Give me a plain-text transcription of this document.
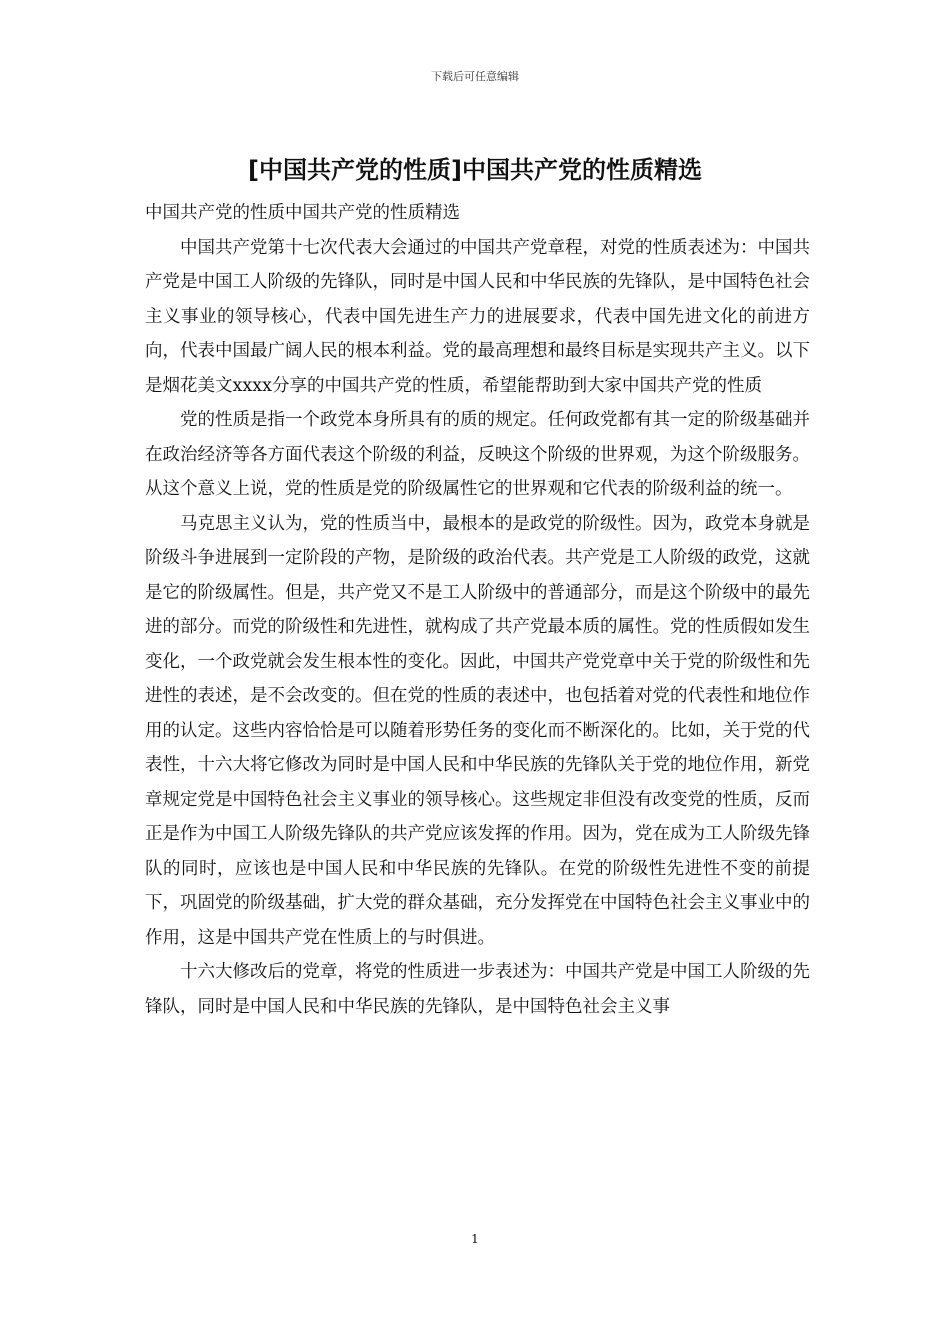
下载后可任意编辑
[中国共产党的性质]中国共产党的性质精选

中国共产党的性质中国共产党的性质精选

中国共产党第十七次代表大会通过的中国共产党章程，对党的性质表述为：中国共产党是中国工人阶级的先锋队，同时是中国人民和中华民族的先锋队，是中国特色社会主义事业的领导核心，代表中国先进生产力的进展要求，代表中国先进文化的前进方向，代表中国最广阔人民的根本利益。党的最高理想和最终目标是实现共产主义。以下是烟花美文xxxx分享的中国共产党的性质，希望能帮助到大家中国共产党的性质

党的性质是指一个政党本身所具有的质的规定。任何政党都有其一定的阶级基础并在政治经济等各方面代表这个阶级的利益，反映这个阶级的世界观，为这个阶级服务。从这个意义上说，党的性质是党的阶级属性它的世界观和它代表的阶级利益的统一。

马克思主义认为，党的性质当中，最根本的是政党的阶级性。因为，政党本身就是阶级斗争进展到一定阶段的产物，是阶级的政治代表。共产党是工人阶级的政党，这就是它的阶级属性。但是，共产党又不是工人阶级中的普通部分，而是这个阶级中的最先进的部分。而党的阶级性和先进性，就构成了共产党最本质的属性。党的性质假如发生变化，一个政党就会发生根本性的变化。因此，中国共产党党章中关于党的阶级性和先进性的表述，是不会改变的。但在党的性质的表述中，也包括着对党的代表性和地位作用的认定。这些内容恰恰是可以随着形势任务的变化而不断深化的。比如，关于党的代表性，十六大将它修改为同时是中国人民和中华民族的先锋队关于党的地位作用，新党章规定党是中国特色社会主义事业的领导核心。这些规定非但没有改变党的性质，反而正是作为中国工人阶级先锋队的共产党应该发挥的作用。因为，党在成为工人阶级先锋队的同时，应该也是中国人民和中华民族的先锋队。在党的阶级性先进性不变的前提下，巩固党的阶级基础，扩大党的群众基础，充分发挥党在中国特色社会主义事业中的作用，这是中国共产党在性质上的与时俱进。

十六大修改后的党章，将党的性质进一步表述为：中国共产党是中国工人阶级的先锋队，同时是中国人民和中华民族的先锋队，是中国特色社会主义事

1
